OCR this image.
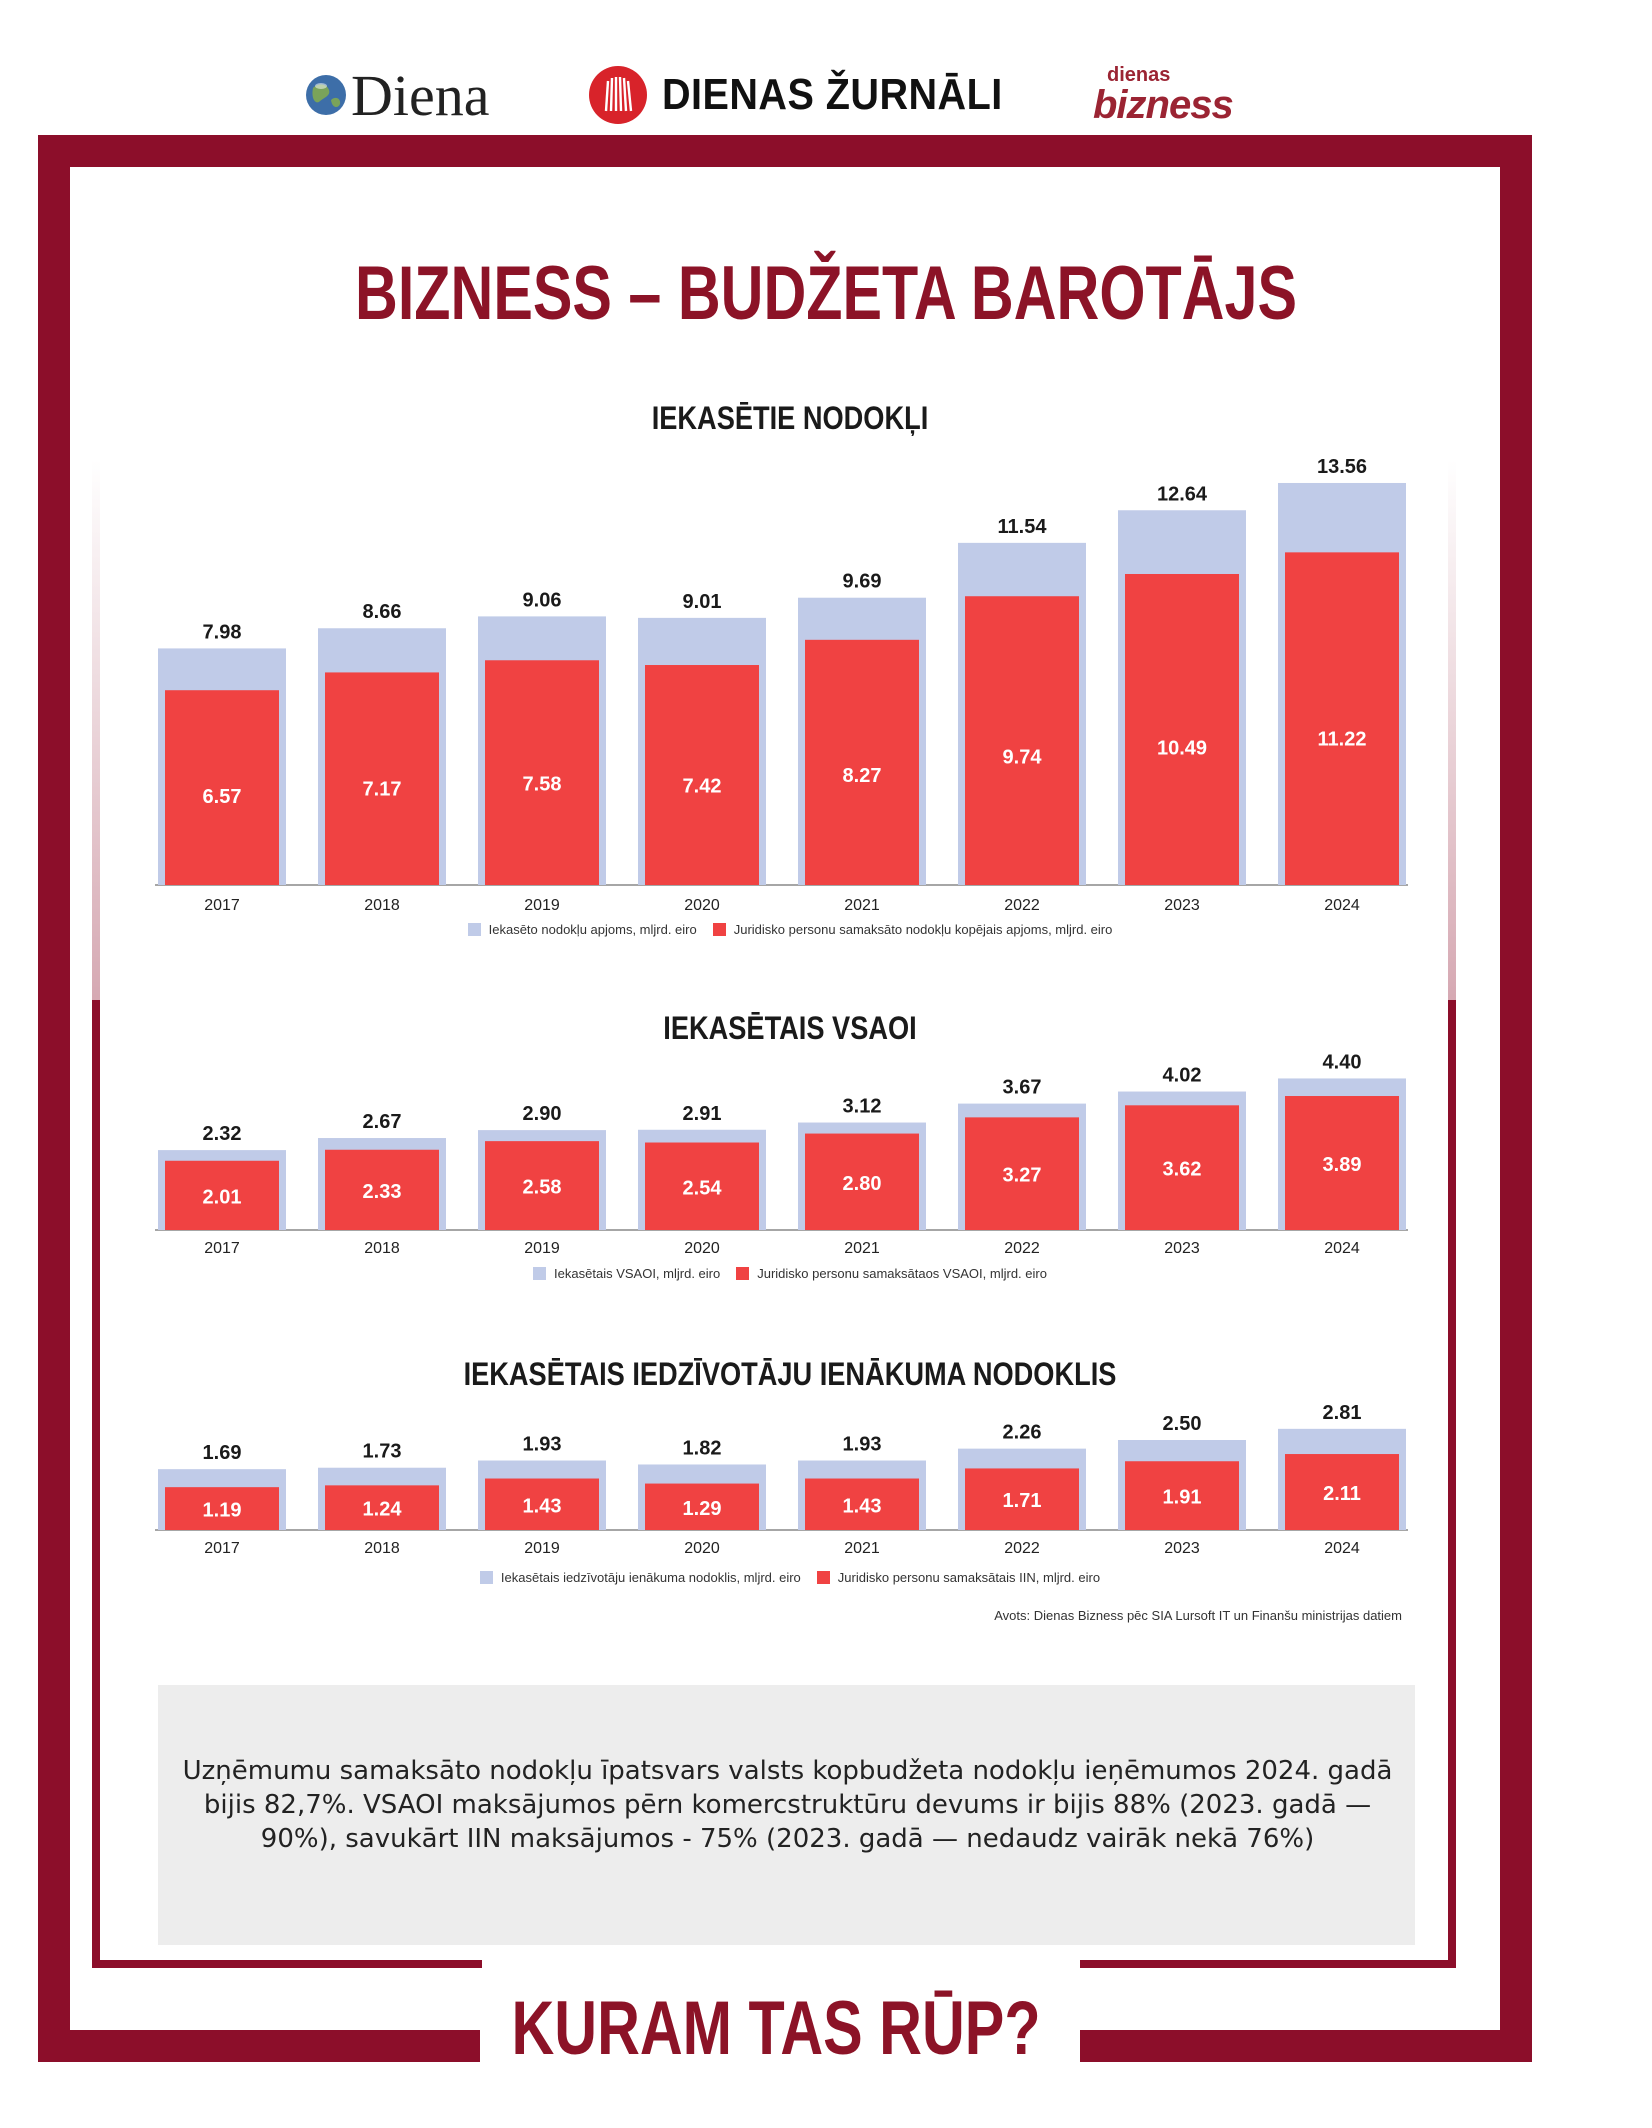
Diena	DIENAS ŽURNĀLI	dienas
bizness
BIZNESS – BUDŽETA BAROTĀJS
IEKASĒTIE NODOKĻI
IEKASĒTAIS VSAOI
IEKASĒTAIS IEDZĪVOTĀJU IENĀKUMA NODOKLIS
7.98
6.57
2017
8.66
7.17
2018
9.06
7.58
2019
9.01
7.42
2020
9.69
8.27
2021
11.54
9.74
2022
12.64
10.49
2023
13.56
11.22
2024
2.32
2.01
2017
2.67
2.33
2018
2.90
2.58
2019
2.91
2.54
2020
3.12
2.80
2021
3.67
3.27
2022
4.02
3.62
2023
4.40
3.89
2024
1.69
1.19
2017
1.73
1.24
2018
1.93
1.43
2019
1.82
1.29
2020
1.93
1.43
2021
2.26
1.71
2022
2.50
1.91
2023
2.81
2.11
2024
Iekasēto nodokļu apjoms, mljrd. eiro	Juridisko personu samaksāto nodokļu kopējais apjoms, mljrd. eiro
Iekasētais VSAOI, mljrd. eiro	Juridisko personu samaksātaos VSAOI, mljrd. eiro
Iekasētais iedzīvotāju ienākuma nodoklis, mljrd. eiro	Juridisko personu samaksātais IIN, mljrd. eiro
Avots: Dienas Bizness pēc SIA Lursoft IT un Finanšu ministrijas datiem
Uzņēmumu samaksāto nodokļu īpatsvars valsts kopbudžeta nodokļu ieņēmumos 2024. gadā bijis 82,7%. VSAOI maksājumos pērn komercstruktūru devums ir bijis 88% (2023. gadā — 90%), savukārt IIN maksājumos - 75% (2023. gadā — nedaudz vairāk nekā 76%)
KURAM TAS RŪP?
